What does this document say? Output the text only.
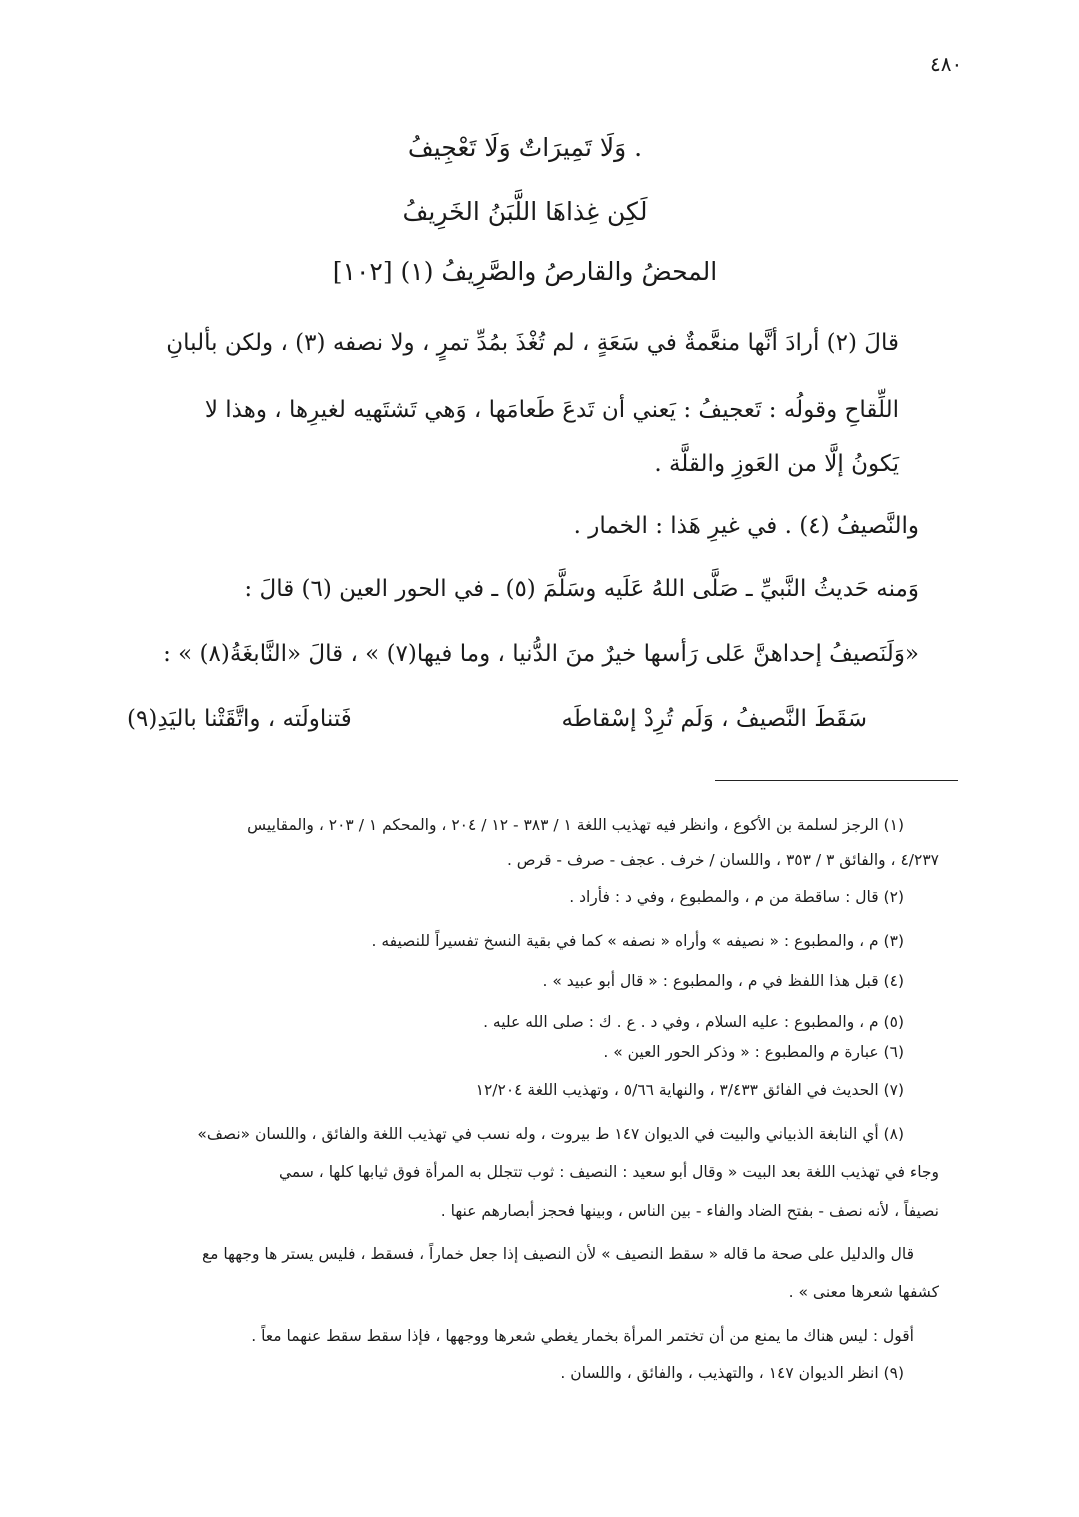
٤٨٠
. وَلَا تَمِيرَاتٌ وَلَا تَعْجِيفُ
لَكِن غِذاهَا اللَّبَنُ الخَرِيفُ
المحضُ والقارصُ والصَّرِيفُ (١) [١٠٢]
قالَ (٢) أرادَ أنَّها منعَّمةٌ في سَعَةٍ ، لم تُغْذَ بمُدِّ تمرٍ ، ولا نصفه (٣) ، ولكن بألبانِ
اللِّقاحِ وقولُه : تَعجيفُ : يَعني أن تَدعَ طَعامَها ، وَهي تَشتَهيه لغيرِها ، وهذا لا
يَكونُ إلَّا من العَوزِ والقلَّة .
والنَّصيفُ (٤) . في غيرِ هَذا : الخمار .
وَمنه حَديثُ النَّبيِّ ـ صَلَّى اللهُ عَلَيه وسَلَّمَ (٥) ـ في الحور العين (٦) قالَ :
«وَلَنَصيفُ إحداهنَّ عَلى رَأسها خيرٌ منَ الدُّنيا ، وما فيها(٧) » ، قالَ «النَّابغَةُ(٨) » :
سَقَطَ النَّصيفُ ، وَلَم تُرِدْ إسْقاطَه
فَتناولَته ، واتَّقَتْنا باليَدِ(٩)
(١) الرجز لسلمة بن الأكوع ، وانظر فيه تهذيب اللغة ١ / ٣٨٣ - ١٢ / ٢٠٤ ، والمحكم ١ / ٢٠٣ ، والمقاييس
٤/٢٣٧ ، والفائق ٣ / ٣٥٣ ، واللسان / خرف . عجف - صرف - قرص .
(٢) قال : ساقطة من م ، والمطبوع ، وفي د : فأراد .
(٣) م ، والمطبوع : « نصيفه » وأراه « نصفه » كما في بقية النسخ تفسيراً للنصيفه .
(٤) قبل هذا اللفظ في م ، والمطبوع : « قال أبو عبيد » .
(٥) م ، والمطبوع : عليه السلام ، وفي د . ع . ك : صلى الله عليه .
(٦) عبارة م والمطبوع : « وذكر الحور العين » .
(٧) الحديث في الفائق ٣/٤٣٣ ، والنهاية ٥/٦٦ ، وتهذيب اللغة ١٢/٢٠٤
(٨) أي النابغة الذبياني والبيت في الديوان ١٤٧ ط بيروت ، وله نسب في تهذيب اللغة والفائق ، واللسان «نصف»
وجاء في تهذيب اللغة بعد البيت « وقال أبو سعيد : النصيف : ثوب تتجلل به المرأة فوق ثيابها كلها ، سمي
نصيفاً ، لأنه نصف - بفتح الضاد والفاء - بين الناس ، وبينها فحجز أبصارهم عنها .
قال والدليل على صحة ما قاله « سقط النصيف » لأن النصيف إذا جعل خماراً ، فسقط ، فليس يستر ها وجهها مع
كشفها شعرها معنى » .
أقول : ليس هناك ما يمنع من أن تختمر المرأة بخمار يغطي شعرها ووجهها ، فإذا سقط سقط عنهما معاً .
(٩) انظر الديوان ١٤٧ ، والتهذيب ، والفائق ، واللسان .
